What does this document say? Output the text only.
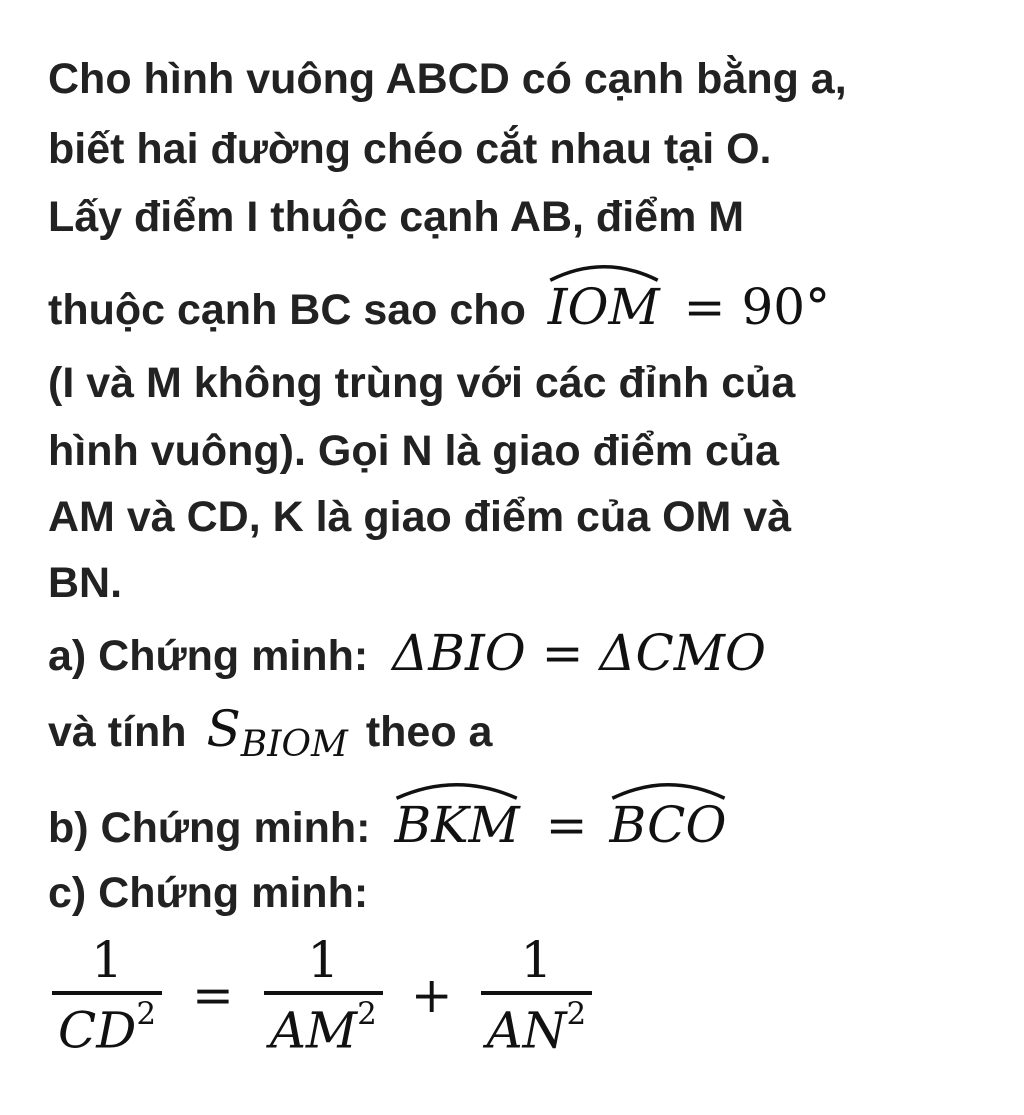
Cho hình vuông ABCD có cạnh bằng a,
biết hai đường chéo cắt nhau tại O.
Lấy điểm I thuộc cạnh AB, điểm M
thuộc cạnh BC sao cho IOM = 90°
(I và M không trùng với các đỉnh của
hình vuông). Gọi N là giao điểm của
AM và CD, K là giao điểm của OM và
BN.
a) Chứng minh: ΔBIO = ΔCMO
và tính $S_{BIOM}$ theo a
b) Chứng minh: BKM = BCO
c) Chứng minh:
$\frac{1}{CD^2} = \frac{1}{AM^2} + \frac{1}{AN^2}$
